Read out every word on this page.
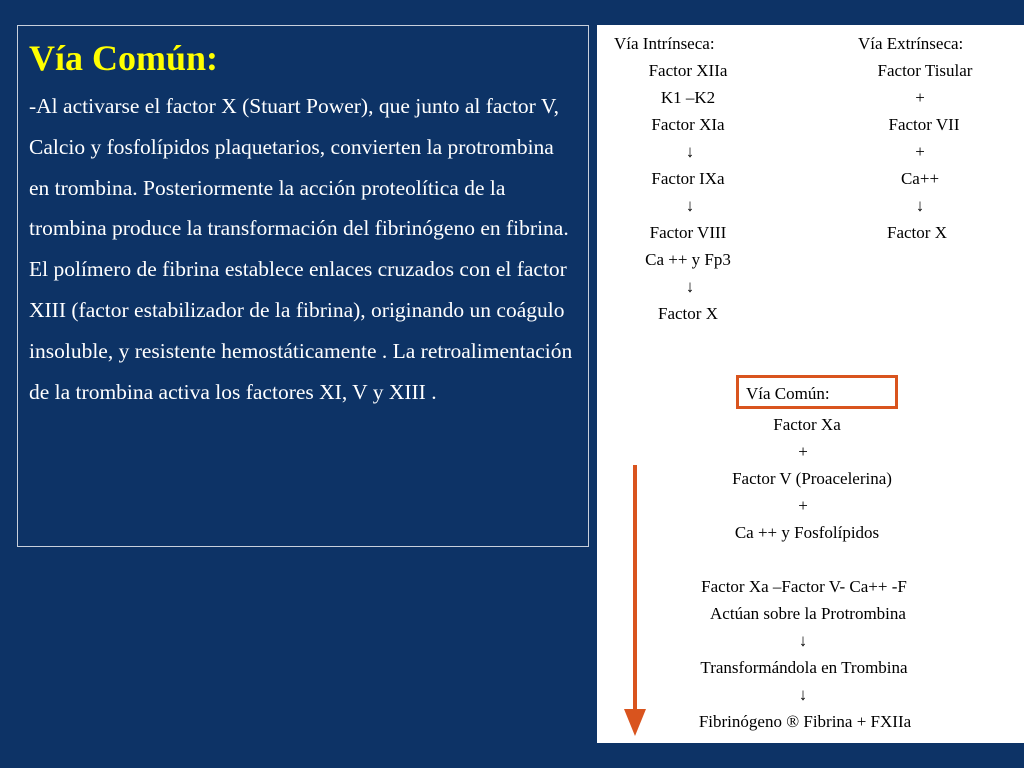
Vía Común:

-Al activarse el factor X (Stuart Power), que junto al factor V, Calcio y fosfolípidos plaquetarios, convierten la protrombina en trombina. Posteriormente la acción proteolítica de la trombina produce la transformación del fibrinógeno en fibrina. El polímero de fibrina establece enlaces cruzados con el factor XIII (factor estabilizador de la fibrina), originando un coágulo insoluble, y resistente hemostáticamente . La retroalimentación de la trombina activa los factores XI, V y XIII .

Vía Intrínseca:
Factor XIIa
K1 –K2
Factor XIa
↓
Factor IXa
↓
Factor VIII
Ca ++ y Fp3
↓
Factor X
Vía Extrínseca:
Factor Tisular
+
Factor VII
+
Ca++
↓
Factor X
Vía Común:
Factor Xa
+
Factor V (Proacelerina)
+
Ca ++ y Fosfolípidos
Factor Xa –Factor V- Ca++ -F
Actúan sobre la Protrombina
↓
Transformándola en Trombina
↓
Fibrinógeno ® Fibrina + FXIIa
